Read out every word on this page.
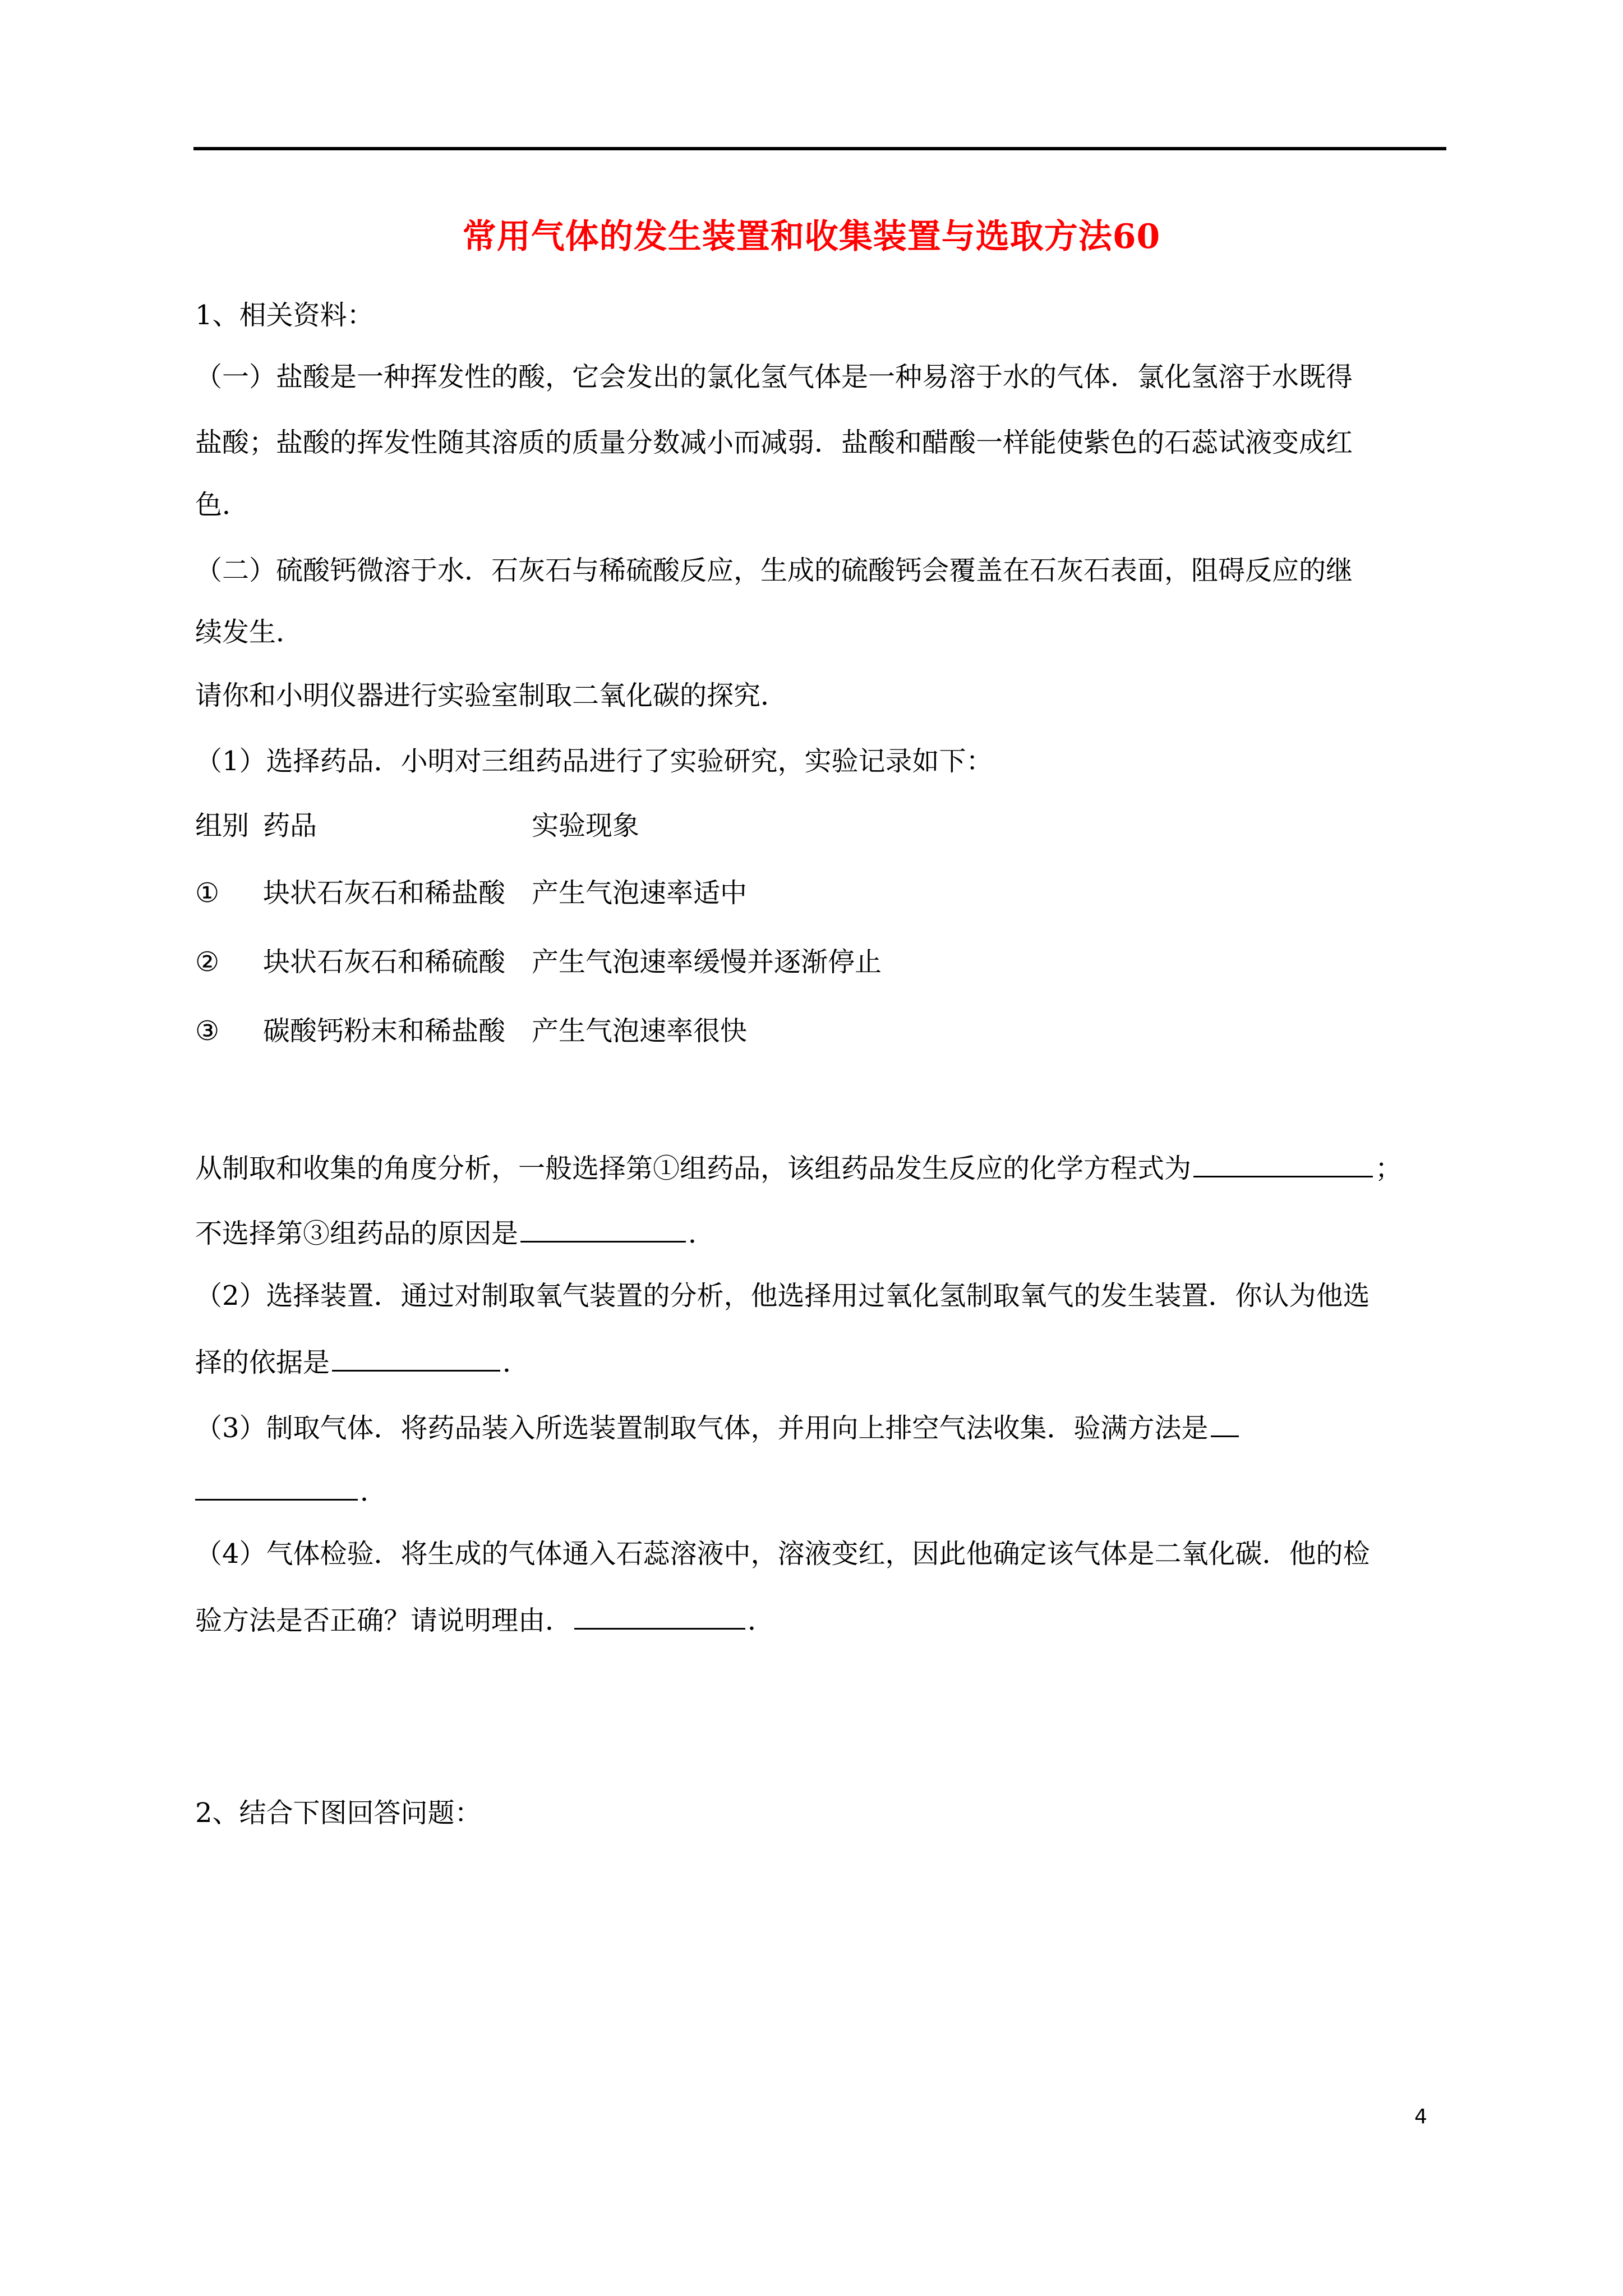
常用气体的发生装置和收集装置与选取方法60
1、相关资料：
（一）盐酸是一种挥发性的酸，它会发出的氯化氢气体是一种易溶于水的气体．氯化氢溶于水既得
盐酸；盐酸的挥发性随其溶质的质量分数减小而减弱．盐酸和醋酸一样能使紫色的石蕊试液变成红
色．
（二）硫酸钙微溶于水．石灰石与稀硫酸反应，生成的硫酸钙会覆盖在石灰石表面，阻碍反应的继
续发生．
请你和小明仪器进行实验室制取二氧化碳的探究．
（1）选择药品．小明对三组药品进行了实验研究，实验记录如下：
组别 药品	实验现象
① 块状石灰石和稀盐酸 产生气泡速率适中
② 块状石灰石和稀硫酸 产生气泡速率缓慢并逐渐停止
③ 碳酸钙粉末和稀盐酸 产生气泡速率很快
从制取和收集的角度分析，一般选择第①组药品，该组药品发生反应的化学方程式为	；
不选择第③组药品的原因是	．
（2）选择装置．通过对制取氧气装置的分析，他选择用过氧化氢制取氧气的发生装置．你认为他选
择的依据是	．
（3）制取气体．将药品装入所选装置制取气体，并用向上排空气法收集．验满方法是
．
（4）气体检验．将生成的气体通入石蕊溶液中，溶液变红，因此他确定该气体是二氧化碳．他的检
验方法是否正确？请说明理由．	．
2、结合下图回答问题：
4
